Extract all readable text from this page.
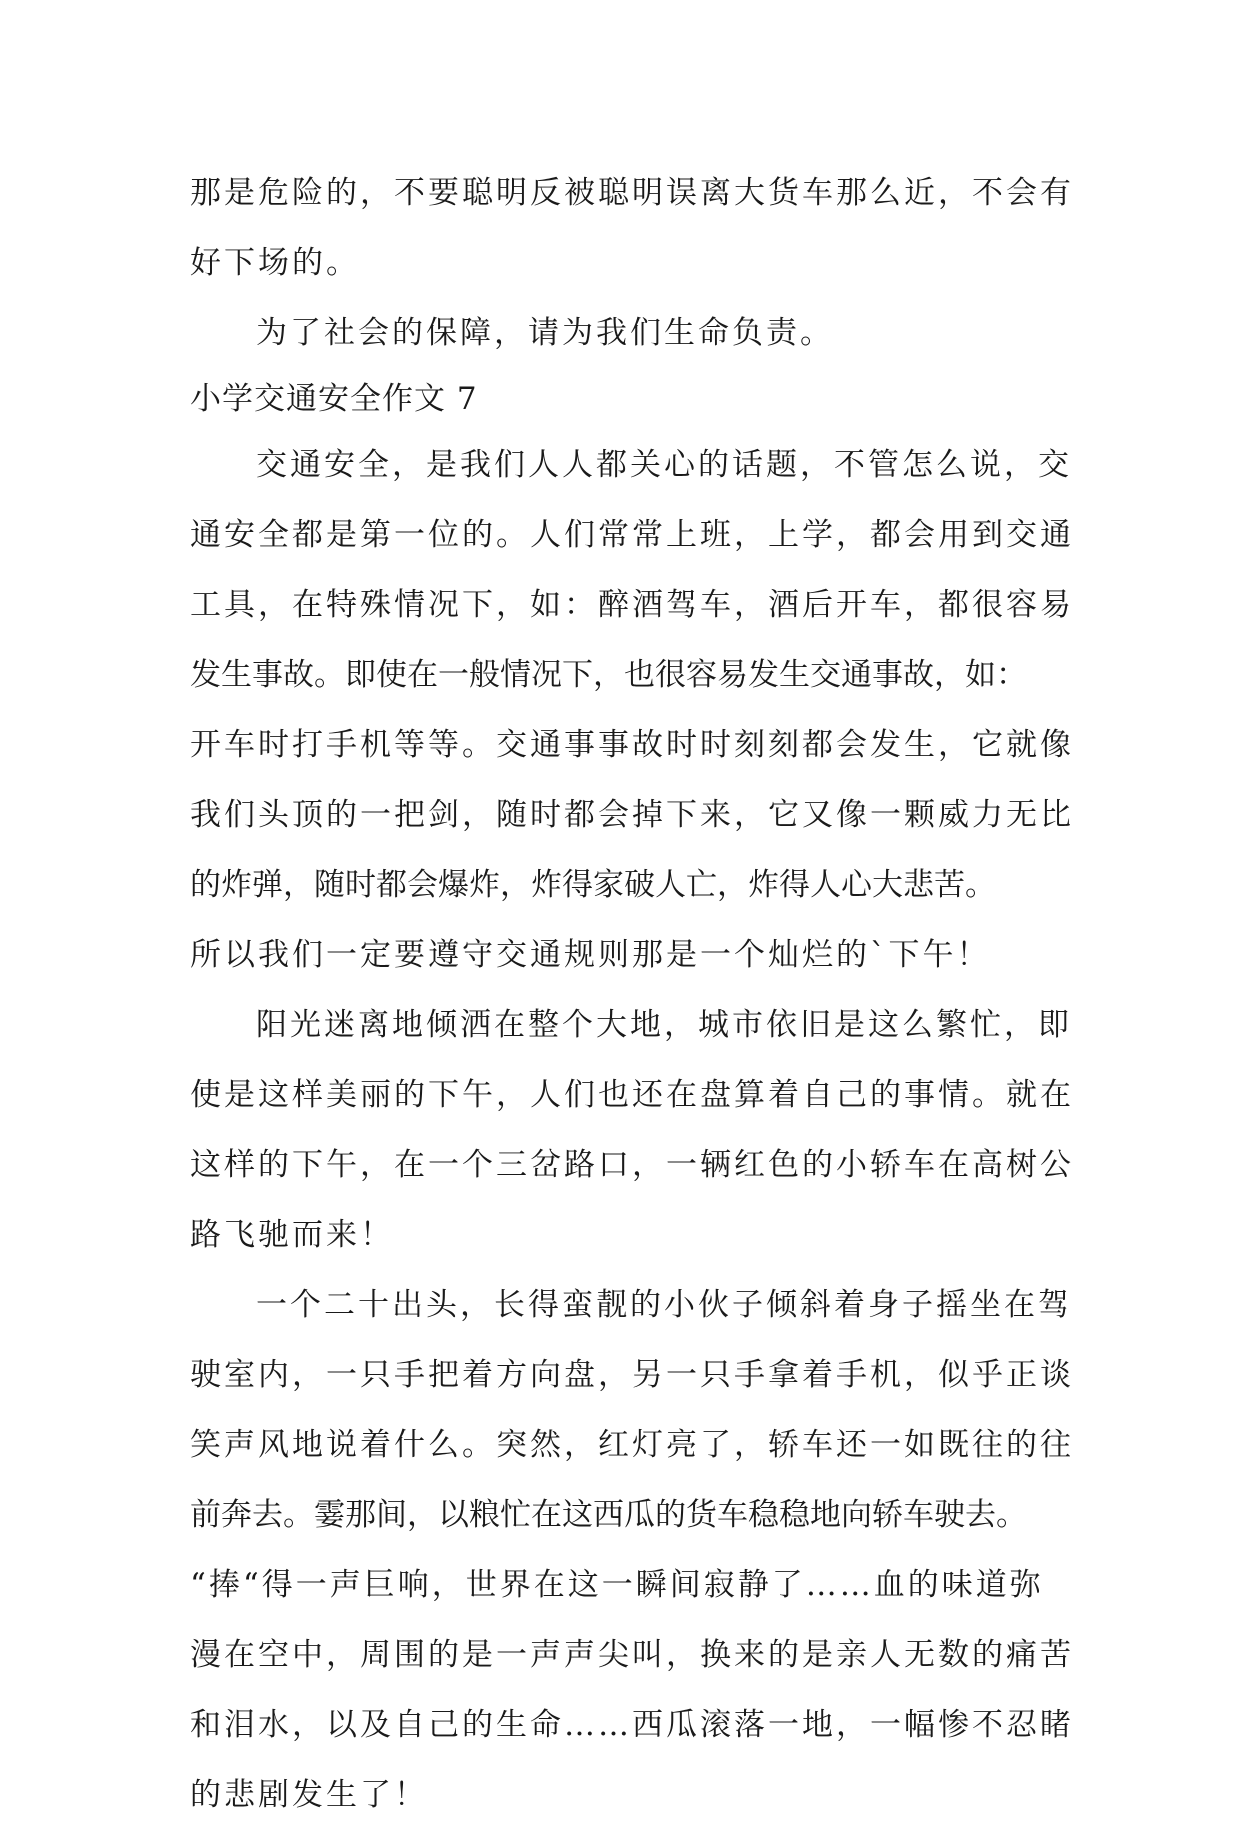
那是危险的，不要聪明反被聪明误离大货车那么近，不会有
好下场的。
为了社会的保障，请为我们生命负责。
小学交通安全作文 7
交通安全，是我们人人都关心的话题，不管怎么说，交
通安全都是第一位的。人们常常上班，上学，都会用到交通
工具，在特殊情况下，如：醉酒驾车，酒后开车，都很容易
发生事故。即使在一般情况下，也很容易发生交通事故，如：
开车时打手机等等。交通事事故时时刻刻都会发生，它就像
我们头顶的一把剑，随时都会掉下来，它又像一颗威力无比
的炸弹，随时都会爆炸，炸得家破人亡，炸得人心大悲苦。
所以我们一定要遵守交通规则那是一个灿烂的`下午！
阳光迷离地倾洒在整个大地，城市依旧是这么繁忙，即
使是这样美丽的下午，人们也还在盘算着自己的事情。就在
这样的下午，在一个三岔路口，一辆红色的小轿车在高树公
路飞驰而来！
一个二十出头，长得蛮靓的小伙子倾斜着身子摇坐在驾
驶室内，一只手把着方向盘，另一只手拿着手机，似乎正谈
笑声风地说着什么。突然，红灯亮了，轿车还一如既往的往
前奔去。霎那间，以粮忙在这西瓜的货车稳稳地向轿车驶去。
“捧“得一声巨响，世界在这一瞬间寂静了……血的味道弥
漫在空中，周围的是一声声尖叫，换来的是亲人无数的痛苦
和泪水，以及自己的生命……西瓜滚落一地，一幅惨不忍睹
的悲剧发生了！
